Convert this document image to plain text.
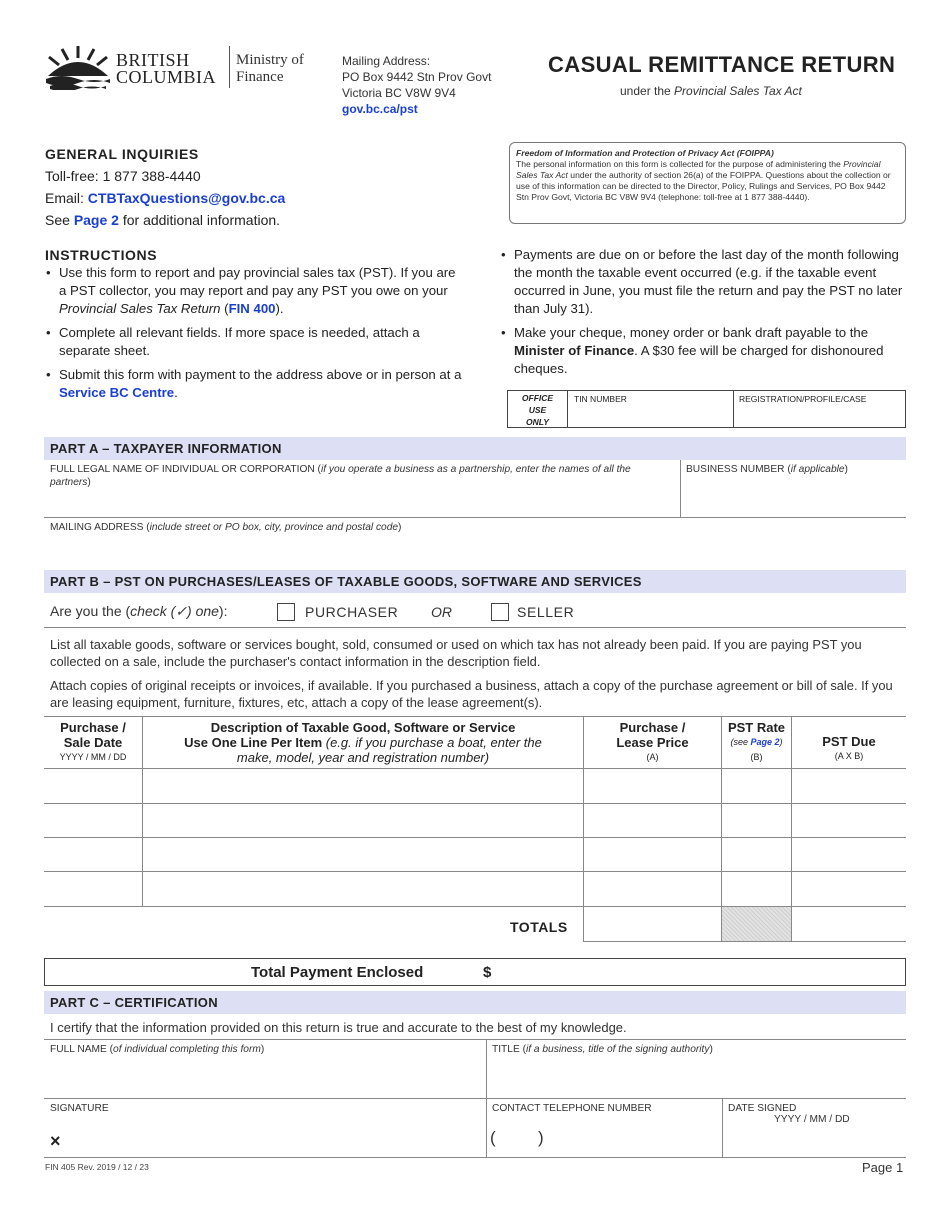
BRITISH
COLUMBIA
Ministry of
Finance
Mailing Address:
PO Box 9442 Stn Prov Govt
Victoria BC V8W 9V4
gov.bc.ca/pst
CASUAL REMITTANCE RETURN
under the Provincial Sales Tax Act
GENERAL INQUIRIES
Toll-free: 1 877 388-4440
Email: CTBTaxQuestions@gov.bc.ca
See Page 2 for additional information.
Freedom of Information and Protection of Privacy Act (FOIPPA)
The personal information on this form is collected for the purpose of administering the Provincial Sales Tax Act under the authority of section 26(a) of the FOIPPA. Questions about the collection or use of this information can be directed to the Director, Policy, Rulings and Services, PO Box 9442 Stn Prov Govt, Victoria BC V8W 9V4 (telephone: toll-free at 1 877 388-4440).
INSTRUCTIONS
• Use this form to report and pay provincial sales tax (PST). If you are a PST collector, you may report and pay any PST you owe on your Provincial Sales Tax Return (FIN 400).
• Complete all relevant fields. If more space is needed, attach a separate sheet.
• Submit this form with payment to the address above or in person at a Service BC Centre.
• Payments are due on or before the last day of the month following the month the taxable event occurred (e.g. if the taxable event occurred in June, you must file the return and pay the PST no later than July 31).
• Make your cheque, money order or bank draft payable to the Minister of Finance. A $30 fee will be charged for dishonoured cheques.
OFFICE
USE
ONLY
TIN NUMBER	REGISTRATION/PROFILE/CASE
PART A – TAXPAYER INFORMATION
FULL LEGAL NAME OF INDIVIDUAL OR CORPORATION (if you operate a business as a partnership, enter the names of all the partners)
BUSINESS NUMBER (if applicable)
MAILING ADDRESS (include street or PO box, city, province and postal code)
PART B – PST ON PURCHASES/LEASES OF TAXABLE GOODS, SOFTWARE AND SERVICES
Are you the (check (✓) one):	PURCHASER OR	SELLER
List all taxable goods, software or services bought, sold, consumed or used on which tax has not already been paid. If you are paying PST you collected on a sale, include the purchaser's contact information in the description field.
Attach copies of original receipts or invoices, if available. If you purchased a business, attach a copy of the purchase agreement or bill of sale. If you are leasing equipment, furniture, fixtures, etc, attach a copy of the lease agreement(s).
Purchase /
Sale Date
YYYY / MM / DD
Description of Taxable Good, Software or Service
Use One Line Per Item (e.g. if you purchase a boat, enter the
make, model, year and registration number)
Purchase /
Lease Price
(A)
PST Rate
(see Page 2)
(B)
PST Due
(A X B)
TOTALS
Total Payment Enclosed	$
PART C – CERTIFICATION
I certify that the information provided on this return is true and accurate to the best of my knowledge.
FULL NAME (of individual completing this form)	TITLE (if a business, title of the signing authority)
SIGNATURE
×
CONTACT TELEPHONE NUMBER
( )
DATE SIGNED
YYYY / MM / DD
FIN 405 Rev. 2019 / 12 / 23	Page 1
